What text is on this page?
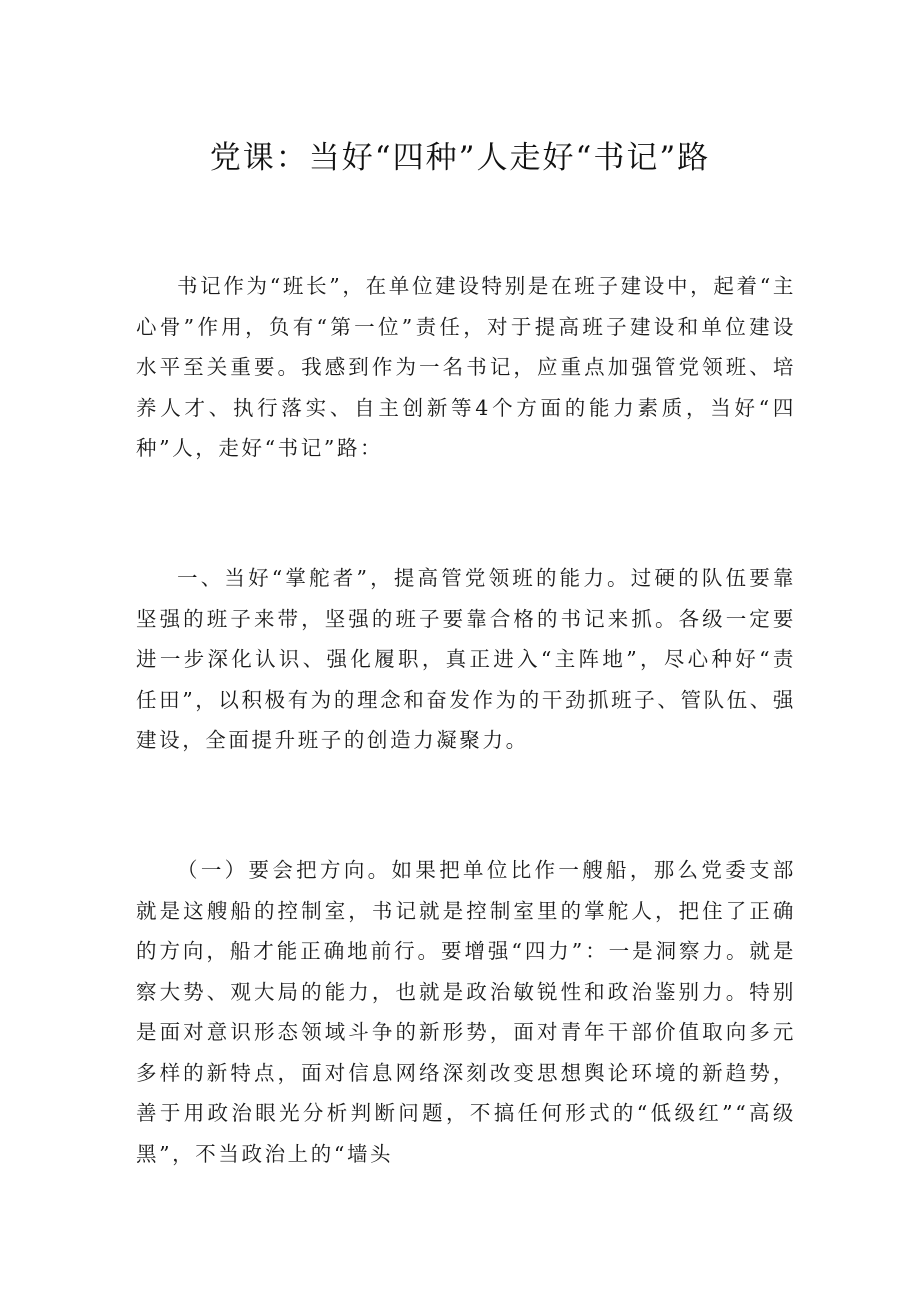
党课：当好“四种”人走好“书记”路

书记作为“班长”，在单位建设特别是在班子建设中，起着“主心骨”作用，负有“第一位”责任，对于提高班子建设和单位建设水平至关重要。我感到作为一名书记，应重点加强管党领班、培养人才、执行落实、自主创新等4个方面的能力素质，当好“四种”人，走好“书记”路：

一、当好“掌舵者”，提高管党领班的能力。过硬的队伍要靠坚强的班子来带，坚强的班子要靠合格的书记来抓。各级一定要进一步深化认识、强化履职，真正进入“主阵地”，尽心种好“责任田”，以积极有为的理念和奋发作为的干劲抓班子、管队伍、强建设，全面提升班子的创造力凝聚力。

（一）要会把方向。如果把单位比作一艘船，那么党委支部就是这艘船的控制室，书记就是控制室里的掌舵人，把住了正确的方向，船才能正确地前行。要增强“四力”：一是洞察力。就是察大势、观大局的能力，也就是政治敏锐性和政治鉴别力。特别是面对意识形态领域斗争的新形势，面对青年干部价值取向多元多样的新特点，面对信息网络深刻改变思想舆论环境的新趋势，善于用政治眼光分析判断问题，不搞任何形式的“低级红”“高级黑”，不当政治上的“墙头
